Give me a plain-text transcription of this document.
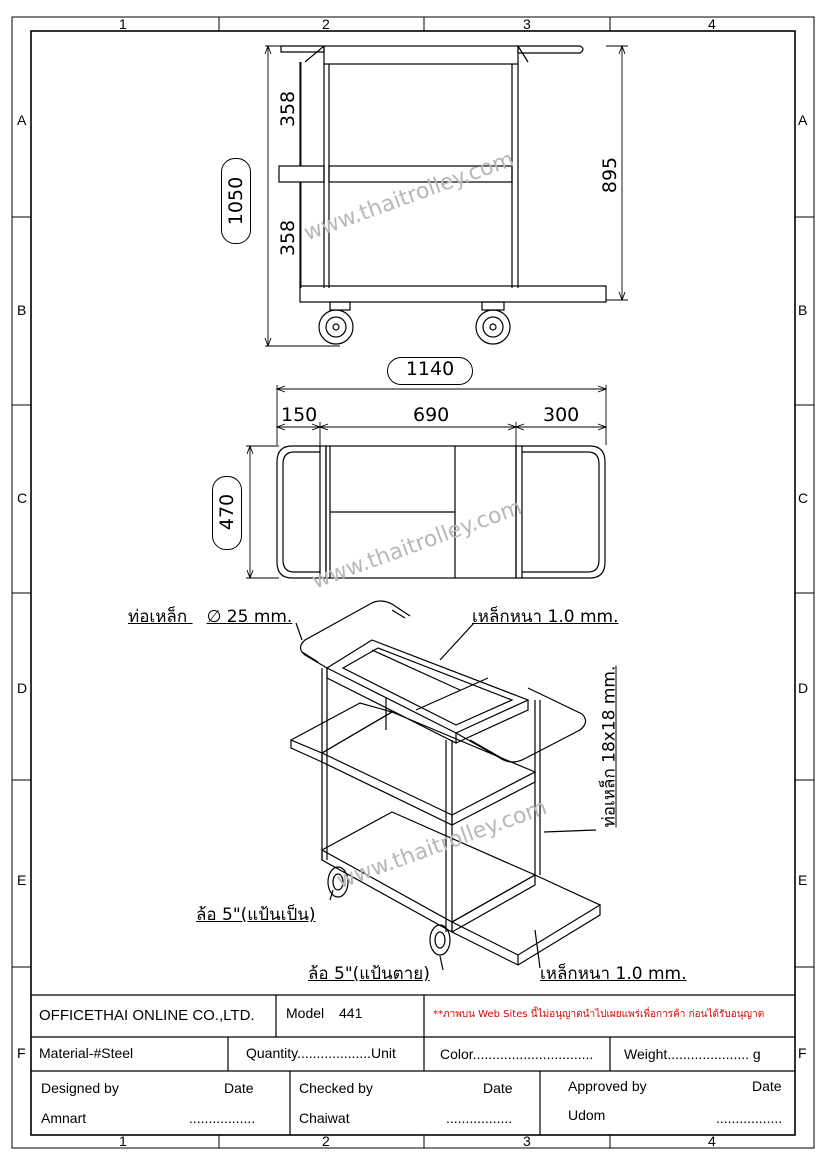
1	2	3	4
1	2	3	4
A
B
C
D
E
F
A
B
C
D
E
F
1050
358
358
895
1140
150	690	300
470
www.thaitrolley.com
www.thaitrolley.com
www.thaitrolley.com
ท่อเหล็ก ∅ 25 mm.	เหล็กหนา 1.0 mm.
ท่อเหล็ก 18x18 mm.
ล้อ 5"(แป้นเป็น)
ล้อ 5"(แป้นตาย)	เหล็กหนา 1.0 mm.
OFFICETHAI ONLINE CO.,LTD. Model 441	**ภาพบน Web Sites นี้ไม่อนุญาตนำไปเผยแพร่เพื่อการค้า ก่อนได้รับอนุญาต
Material-#Steel	Quantity...................Unit	Color............................... Weight..................... g
Designed by	Date
Amnart	.................
Checked by	Date
Chaiwat	.................
Approved by	Date
Udom	.................
